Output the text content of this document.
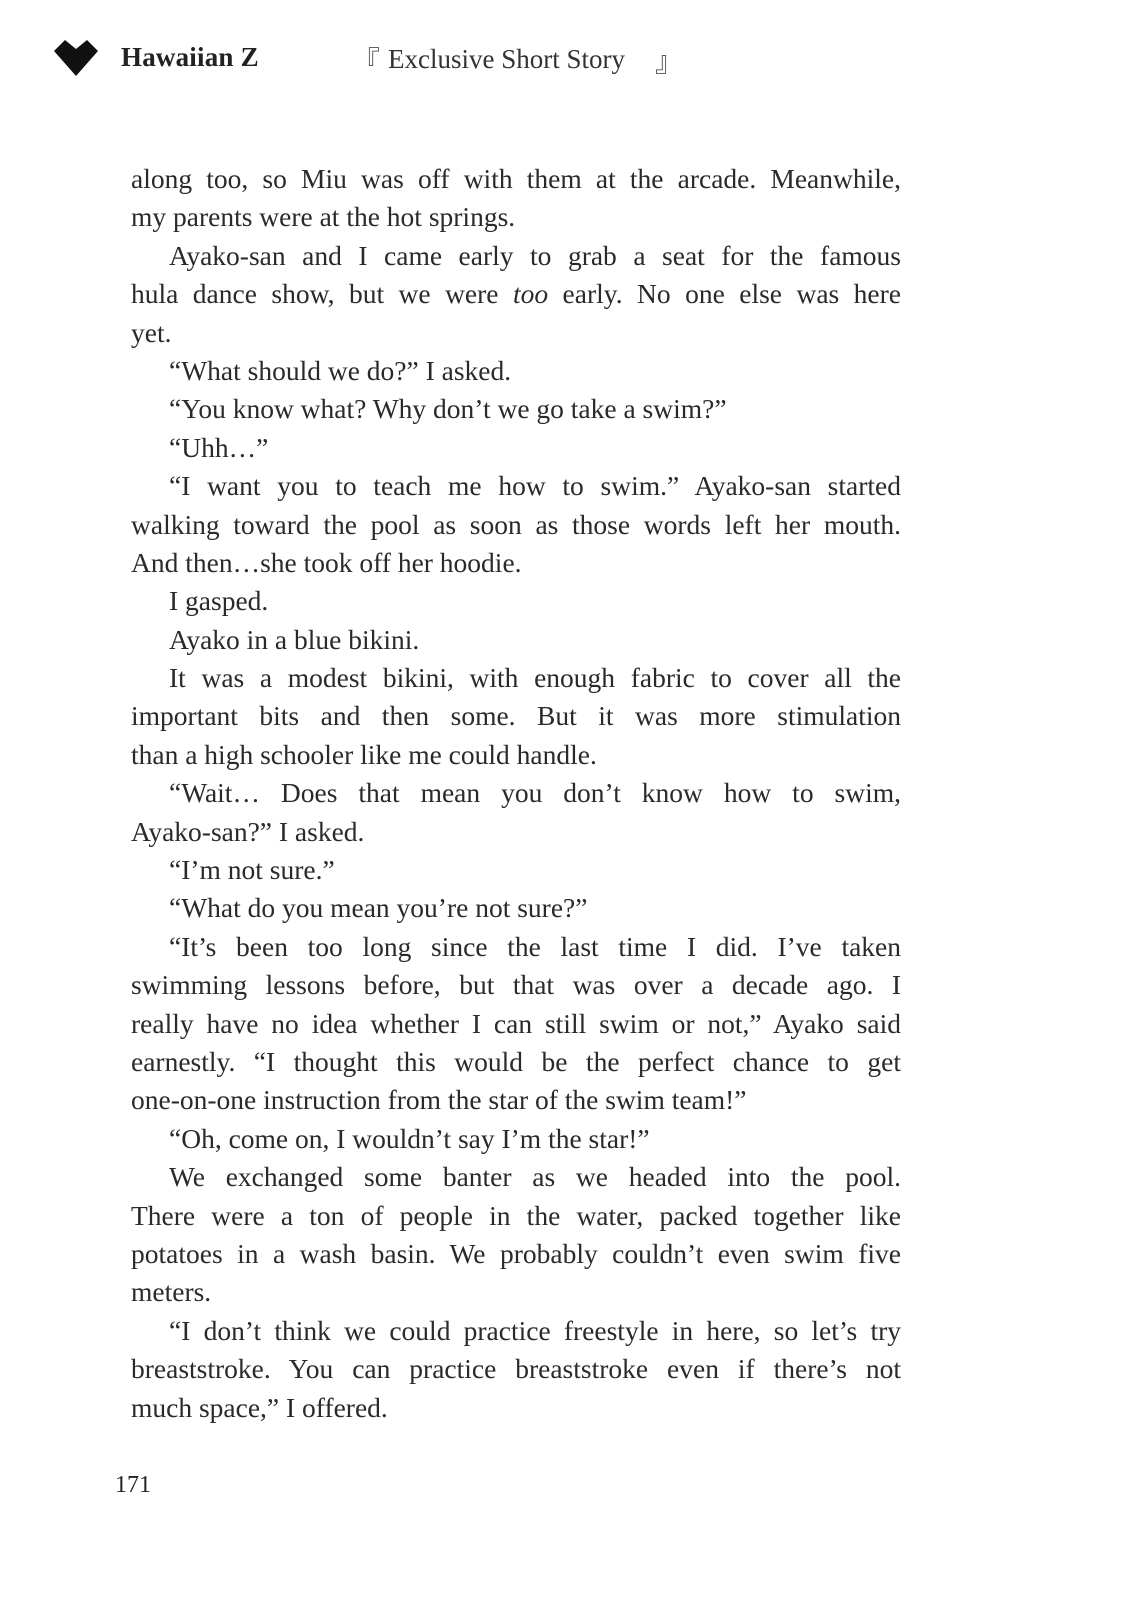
Hawaiian Z	『 Exclusive Short Story 』
along too, so Miu was off with them at the arcade. Meanwhile,
my parents were at the hot springs.
Ayako-san and I came early to grab a seat for the famous
hula dance show, but we were too early. No one else was here
yet.
“What should we do?” I asked.
“You know what? Why don’t we go take a swim?”
“Uhh…”
“I want you to teach me how to swim.” Ayako-san started
walking toward the pool as soon as those words left her mouth.
And then…she took off her hoodie.
I gasped.
Ayako in a blue bikini.
It was a modest bikini, with enough fabric to cover all the
important bits and then some. But it was more stimulation
than a high schooler like me could handle.
“Wait… Does that mean you don’t know how to swim,
Ayako-san?” I asked.
“I’m not sure.”
“What do you mean you’re not sure?”
“It’s been too long since the last time I did. I’ve taken
swimming lessons before, but that was over a decade ago. I
really have no idea whether I can still swim or not,” Ayako said
earnestly. “I thought this would be the perfect chance to get
one-on-one instruction from the star of the swim team!”
“Oh, come on, I wouldn’t say I’m the star!”
We exchanged some banter as we headed into the pool.
There were a ton of people in the water, packed together like
potatoes in a wash basin. We probably couldn’t even swim five
meters.
“I don’t think we could practice freestyle in here, so let’s try
breaststroke. You can practice breaststroke even if there’s not
much space,” I offered.
171
